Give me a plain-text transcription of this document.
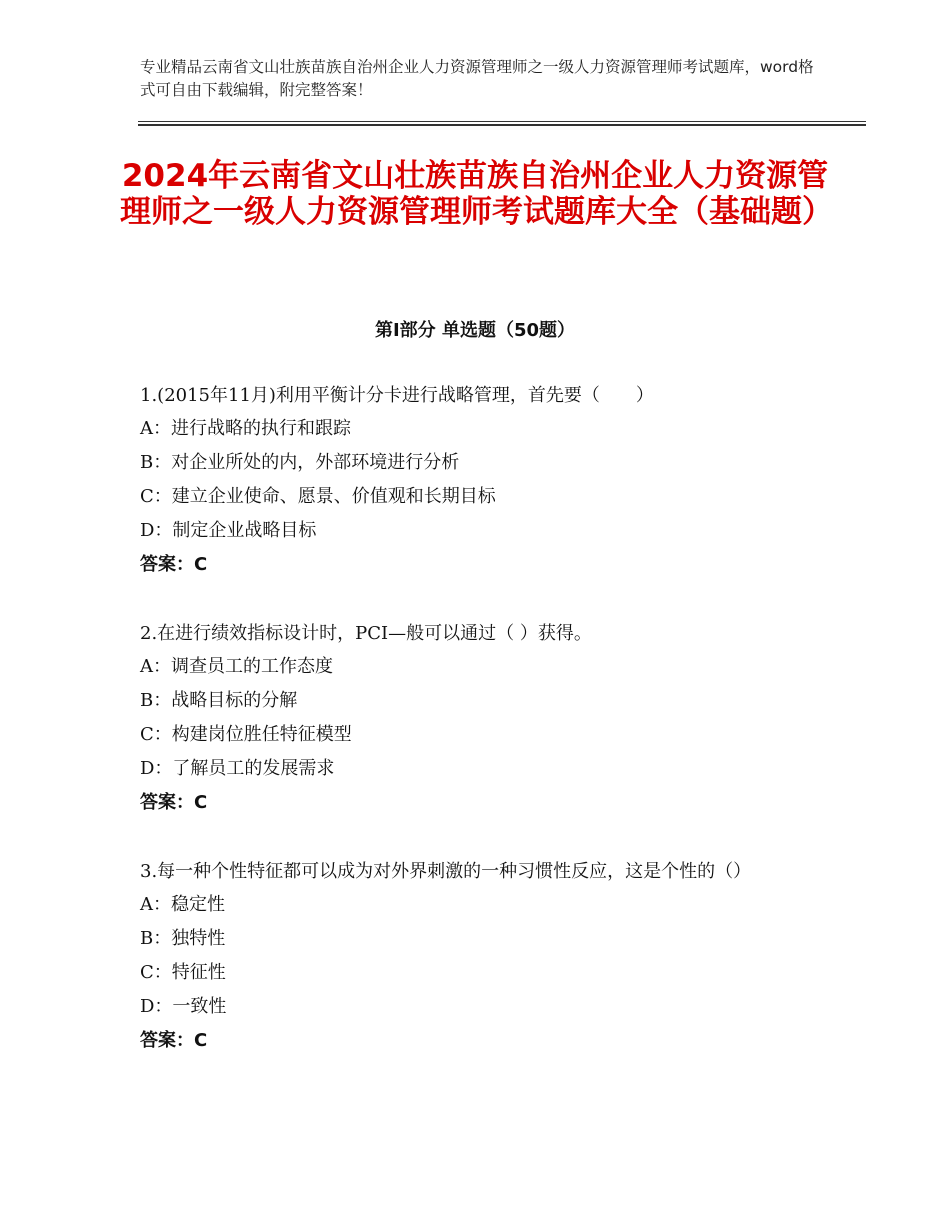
专业精品云南省文山壮族苗族自治州企业人力资源管理师之一级人力资源管理师考试题库，word格式可自由下载编辑，附完整答案！
2024年云南省文山壮族苗族自治州企业人力资源管理师之一级人力资源管理师考试题库大全（基础题）
第Ⅰ部分 单选题（50题）
1.(2015年11月)利用平衡计分卡进行战略管理，首先要（　　）
A：进行战略的执行和跟踪
B：对企业所处的内，外部环境进行分析
C：建立企业使命、愿景、价值观和长期目标
D：制定企业战略目标
答案：C
2.在进行绩效指标设计时，PCI—般可以通过（ ）获得。
A：调查员工的工作态度
B：战略目标的分解
C：构建岗位胜任特征模型
D：了解员工的发展需求
答案：C
3.每一种个性特征都可以成为对外界刺激的一种习惯性反应，这是个性的（）
A：稳定性
B：独特性
C：特征性
D：一致性
答案：C
